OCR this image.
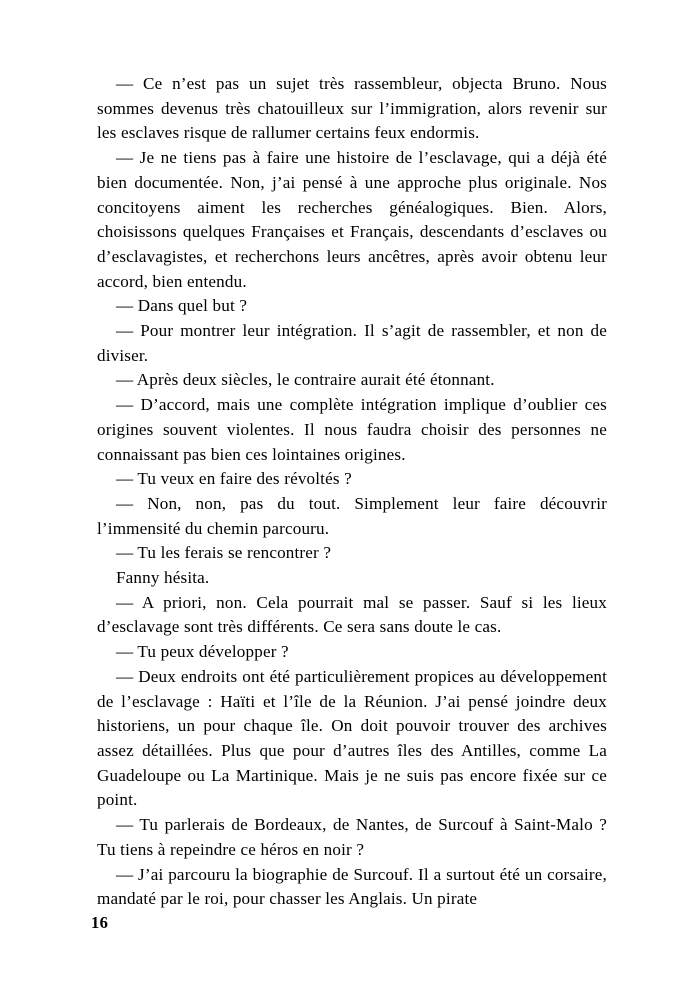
— Ce n’est pas un sujet très rassembleur, objecta Bruno. Nous sommes devenus très chatouilleux sur l’immigration, alors revenir sur les esclaves risque de rallumer certains feux endormis.

— Je ne tiens pas à faire une histoire de l’esclavage, qui a déjà été bien documentée. Non, j’ai pensé à une approche plus originale. Nos concitoyens aiment les recherches généalogiques. Bien. Alors, choisissons quelques Françaises et Français, descendants d’esclaves ou d’esclavagistes, et recherchons leurs ancêtres, après avoir obtenu leur accord, bien entendu.

— Dans quel but ?

— Pour montrer leur intégration. Il s’agit de rassembler, et non de diviser.

— Après deux siècles, le contraire aurait été étonnant.

— D’accord, mais une complète intégration implique d’oublier ces origines souvent violentes. Il nous faudra choisir des personnes ne connaissant pas bien ces lointaines origines.

— Tu veux en faire des révoltés ?

— Non, non, pas du tout. Simplement leur faire découvrir l’immensité du chemin parcouru.

— Tu les ferais se rencontrer ?

Fanny hésita.

— A priori, non. Cela pourrait mal se passer. Sauf si les lieux d’esclavage sont très différents. Ce sera sans doute le cas.

— Tu peux développer ?

— Deux endroits ont été particulièrement propices au développement de l’esclavage : Haïti et l’île de la Réunion. J’ai pensé joindre deux historiens, un pour chaque île. On doit pouvoir trouver des archives assez détaillées. Plus que pour d’autres îles des Antilles, comme La Guadeloupe ou La Martinique. Mais je ne suis pas encore fixée sur ce point.

— Tu parlerais de Bordeaux, de Nantes, de Surcouf à Saint-Malo ? Tu tiens à repeindre ce héros en noir ?

— J’ai parcouru la biographie de Surcouf. Il a surtout été un corsaire, mandaté par le roi, pour chasser les Anglais. Un pirate

16
